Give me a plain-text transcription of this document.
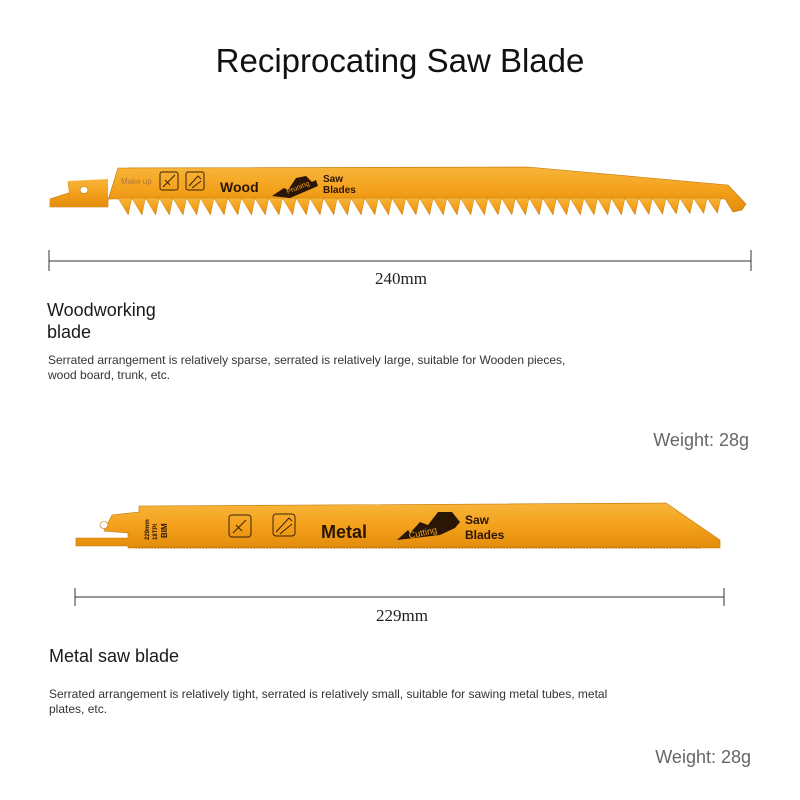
Reciprocating Saw Blade
Make up	Wood	Pruning
Saw
Blades
229mm 18TPI BIM	Metal	Cutting
Saw
Blades
240mm
Woodworking
blade
Serrated arrangement is relatively sparse, serrated is relatively large, suitable for Wooden pieces,
wood board, trunk, etc.
Weight: 28g
229mm
Metal saw blade
Serrated arrangement is relatively tight, serrated is relatively small, suitable for sawing metal tubes, metal
plates, etc.
Weight: 28g
